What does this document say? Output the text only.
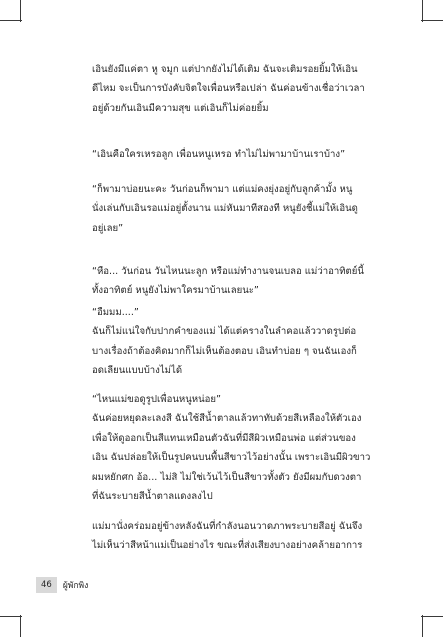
เอินยังมีแค่ตา หู จมูก แต่ปากยังไม่ได้เติม ฉันจะเติมรอยยิ้มให้เอิน

ดีไหม จะเป็นการบังคับจิตใจเพื่อนหรือเปล่า ฉันค่อนข้างเชื่อว่าเวลา

อยู่ด้วยกันเอินมีความสุข แต่เอินก็ไม่ค่อยยิ้ม

“เอินคือใครเหรอลูก เพื่อนหนูเหรอ ทำไม่ไม่พามาบ้านเราบ้าง”

“ก็พามาบ่อยนะคะ วันก่อนก็พามา แต่แม่คงยุ่งอยู่กับลูกค้ามั้ง หนู

นั่งเล่นกับเอินรอแม่อยู่ตั้งนาน แม่หันมาทีสองที หนูยังชี้แม่ให้เอินดู

อยู่เลย”

“หือ... วันก่อน วันไหนนะลูก หรือแม่ทำงานจนเบลอ แม่ว่าอาทิตย์นี้

ทั้งอาทิตย์ หนูยังไม่พาใครมาบ้านเลยนะ”

“อืมมม....”

ฉันก็ไม่แน่ใจกับปากคำของแม่ ได้แต่ครางในลำคอแล้ววาดรูปต่อ

บางเรื่องถ้าต้องคิดมากก็ไม่เห็นต้องตอบ เอินทำบ่อย ๆ จนฉันเองก็

อดเลียนแบบบ้างไม่ได้

“ไหนแม่ขอดูรูปเพื่อนหนูหน่อย”

ฉันค่อยหยุดละเลงสี ฉันใช้สีน้ำตาลแล้วทาทับด้วยสีเหลืองให้ตัวเอง

เพื่อให้ดูออกเป็นสีแทนเหมือนตัวฉันที่มีสีผิวเหมือนพ่อ แต่ส่วนของ

เอิน ฉันปล่อยให้เป็นรูปคนบนพื้นสีขาวไว้อย่างนั้น เพราะเอินมีผิวขาว

ผมหยักศก อ้อ... ไม่สิ ไม่ใช่เว้นไว้เป็นสีขาวทั้งตัว ยังมีผมกับดวงตา

ที่ฉันระบายสีน้ำตาลแดงลงไป

แม่มานั่งคร่อมอยู่ข้างหลังฉันที่กำลังนอนวาดภาพระบายสีอยู่ ฉันจึง

ไม่เห็นว่าสีหน้าแม่เป็นอย่างไร ขณะที่ส่งเสียงบางอย่างคล้ายอาการ

46	ผู้พักพิง
